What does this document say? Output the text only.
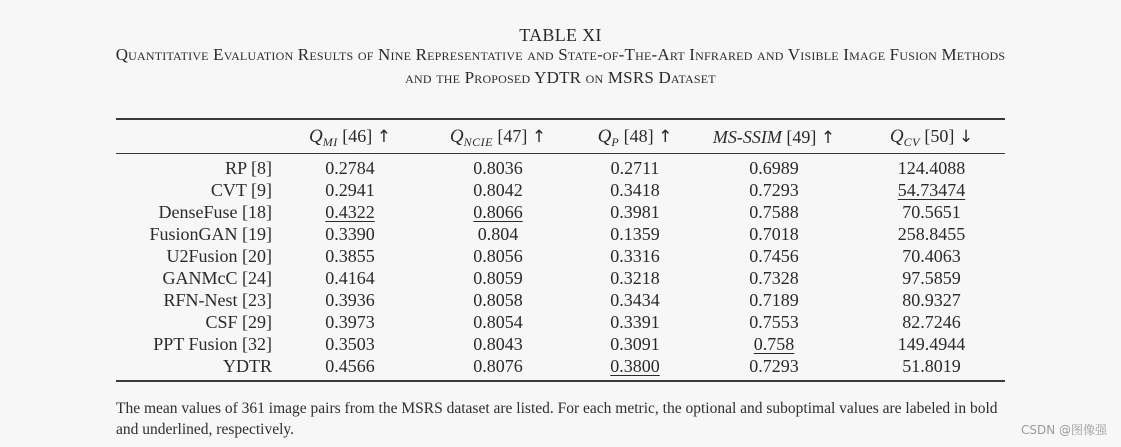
TABLE XI
Quantitative Evaluation Results of Nine Representative and State-of-The-Art Infrared and Visible Image Fusion Methods
and the Proposed YDTR on MSRS Dataset
	$Q_{MI}$ [46] ↑	$Q_{NCIE}$ [47] ↑	$Q_P$ [48] ↑	MS-SSIM [49] ↑	$Q_{CV}$ [50] ↓
RP [8]	0.2784	0.8036	0.2711	0.6989	124.4088
CVT [9]	0.2941	0.8042	0.3418	0.7293	54.73474
DenseFuse [18]	0.4322	0.8066	0.3981	0.7588	70.5651
FusionGAN [19]	0.3390	0.804	0.1359	0.7018	258.8455
U2Fusion [20]	0.3855	0.8056	0.3316	0.7456	70.4063
GANMcC [24]	0.4164	0.8059	0.3218	0.7328	97.5859
RFN-Nest [23]	0.3936	0.8058	0.3434	0.7189	80.9327
CSF [29]	0.3973	0.8054	0.3391	0.7553	82.7246
PPT Fusion [32]	0.3503	0.8043	0.3091	0.758	149.4944
YDTR	0.4566	0.8076	0.3800	0.7293	51.8019
The mean values of 361 image pairs from the MSRS dataset are listed. For each metric, the optional and suboptimal values are labeled in bold and underlined, respectively.	CSDN @图像强
